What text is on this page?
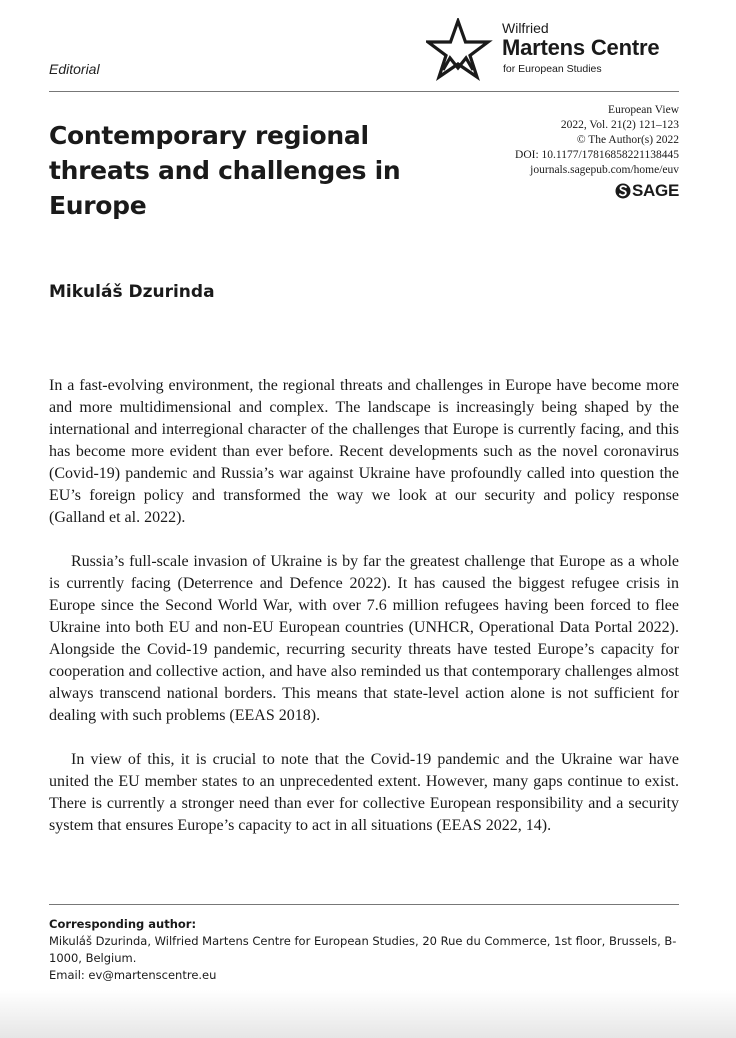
Editorial
Wilfried
Martens Centre
for European Studies
Contemporary regional threats and challenges in Europe
European View
2022, Vol. 21(2) 121–123
© The Author(s) 2022
DOI: 10.1177/17816858221138445
journals.sagepub.com/home/euv
SAGE
Mikuláš Dzurinda

In a fast-evolving environment, the regional threats and challenges in Europe have become more and more multidimensional and complex. The landscape is increasingly being shaped by the international and interregional character of the challenges that Europe is currently facing, and this has become more evident than ever before. Recent developments such as the novel coronavirus (Covid-19) pandemic and Russia’s war against Ukraine have profoundly called into question the EU’s foreign policy and transformed the way we look at our security and policy response (Galland et al. 2022).

Russia’s full-scale invasion of Ukraine is by far the greatest challenge that Europe as a whole is currently facing (Deterrence and Defence 2022). It has caused the biggest refugee crisis in Europe since the Second World War, with over 7.6 million refugees having been forced to flee Ukraine into both EU and non-EU European countries (UNHCR, Operational Data Portal 2022). Alongside the Covid-19 pandemic, recurring security threats have tested Europe’s capacity for cooperation and collective action, and have also reminded us that contemporary challenges almost always transcend national borders. This means that state-level action alone is not sufficient for dealing with such problems (EEAS 2018).

In view of this, it is crucial to note that the Covid-19 pandemic and the Ukraine war have united the EU member states to an unprecedented extent. However, many gaps continue to exist. There is currently a stronger need than ever for collective European responsibility and a security system that ensures Europe’s capacity to act in all situations (EEAS 2022, 14).

Corresponding author:
Mikuláš Dzurinda, Wilfried Martens Centre for European Studies, 20 Rue du Commerce, 1st floor, Brussels, B-1000, Belgium.
Email: ev@martenscentre.eu
